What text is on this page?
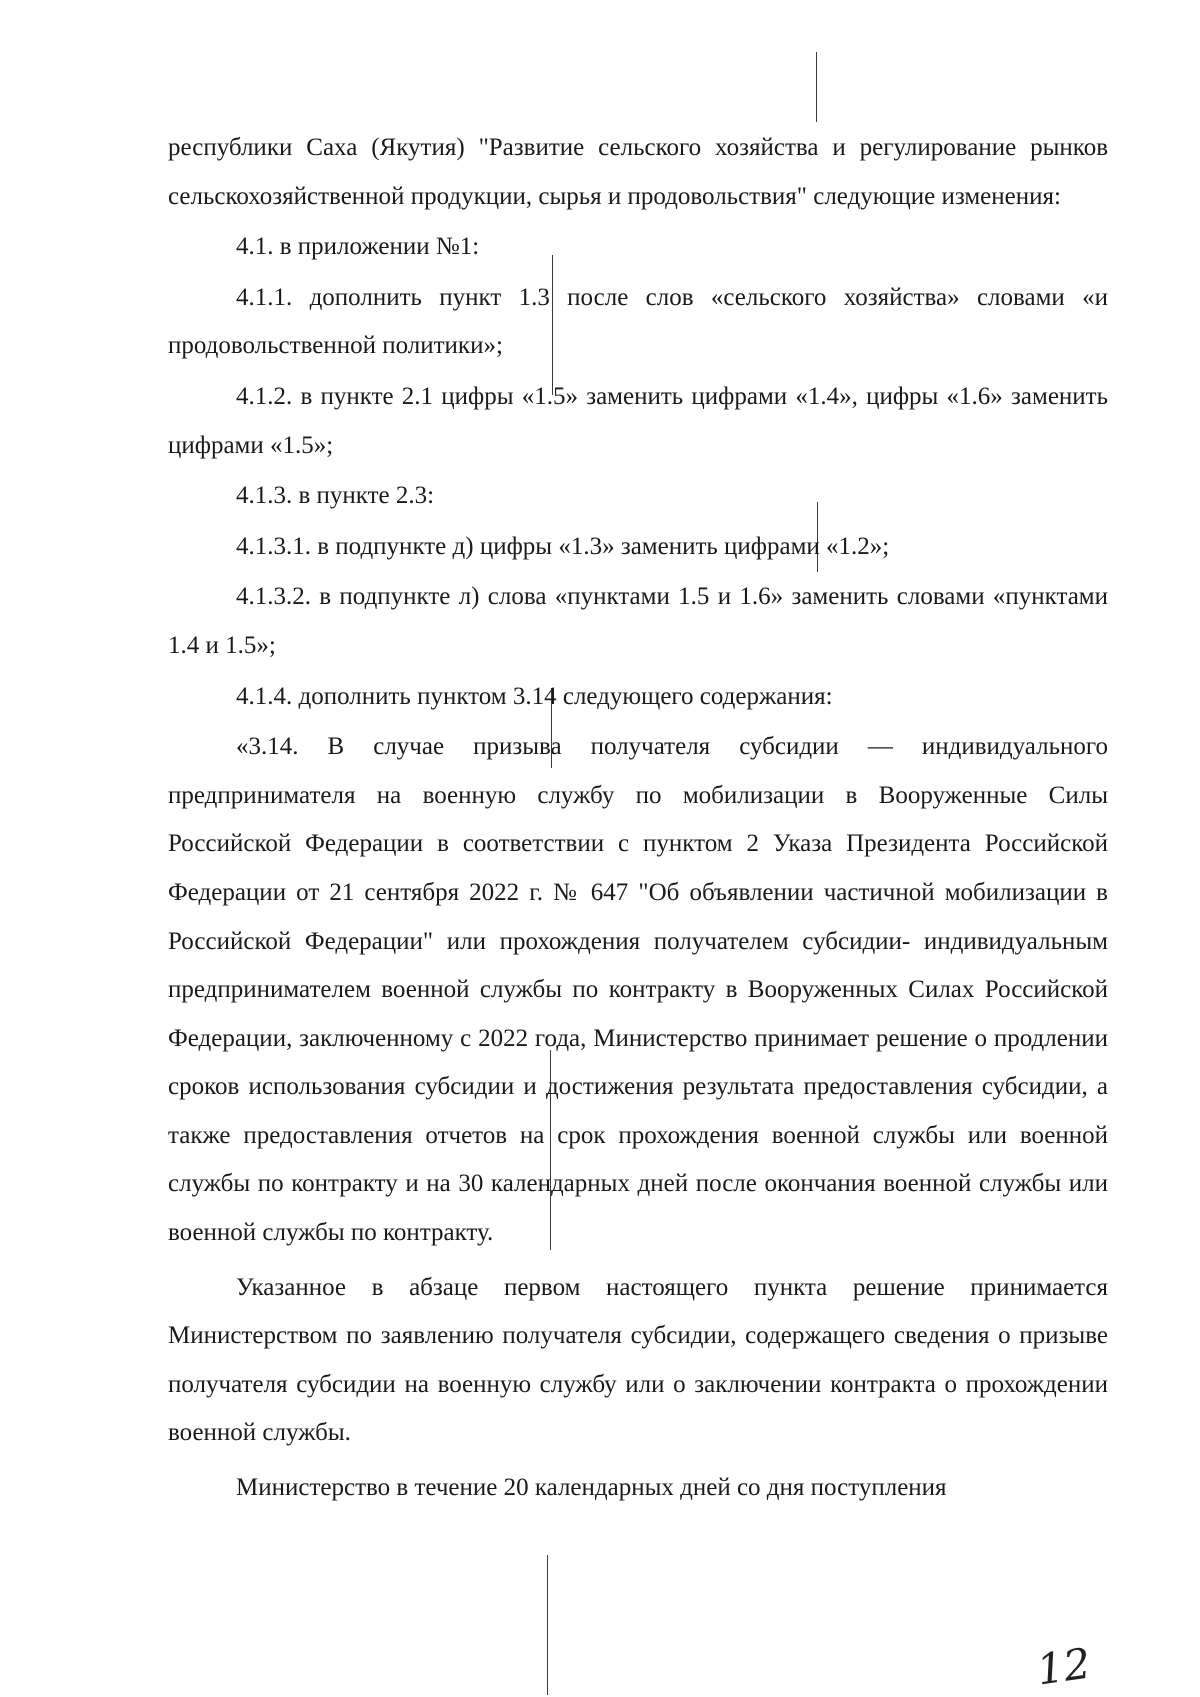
республики Саха (Якутия) "Развитие сельского хозяйства и регулирование рынков сельскохозяйственной продукции, сырья и продовольствия" следующие изменения:

4.1. в приложении №1:

4.1.1. дополнить пункт 1.3 после слов «сельского хозяйства» словами «и продовольственной политики»;

4.1.2. в пункте 2.1 цифры «1.5» заменить цифрами «1.4», цифры «1.6» заменить цифрами «1.5»;

4.1.3. в пункте 2.3:

4.1.3.1. в подпункте д) цифры «1.3» заменить цифрами «1.2»;

4.1.3.2. в подпункте л) слова «пунктами 1.5 и 1.6» заменить словами «пунктами 1.4 и 1.5»;

4.1.4. дополнить пунктом 3.14 следующего содержания:

«3.14. В случае призыва получателя субсидии — индивидуального предпринимателя на военную службу по мобилизации в Вооруженные Силы Российской Федерации в соответствии с пунктом 2 Указа Президента Российской Федерации от 21 сентября 2022 г. № 647 "Об объявлении частичной мобилизации в Российской Федерации" или прохождения получателем субсидии- индивидуальным предпринимателем военной службы по контракту в Вооруженных Силах Российской Федерации, заключенному с 2022 года, Министерство принимает решение о продлении сроков использования субсидии и достижения результата предоставления субсидии, а также предоставления отчетов на срок прохождения военной службы или военной службы по контракту и на 30 календарных дней после окончания военной службы или военной службы по контракту.

Указанное в абзаце первом настоящего пункта решение принимается Министерством по заявлению получателя субсидии, содержащего сведения о призыве получателя субсидии на военную службу или о заключении контракта о прохождении военной службы.

Министерство в течение 20 календарных дней со дня поступления

12
